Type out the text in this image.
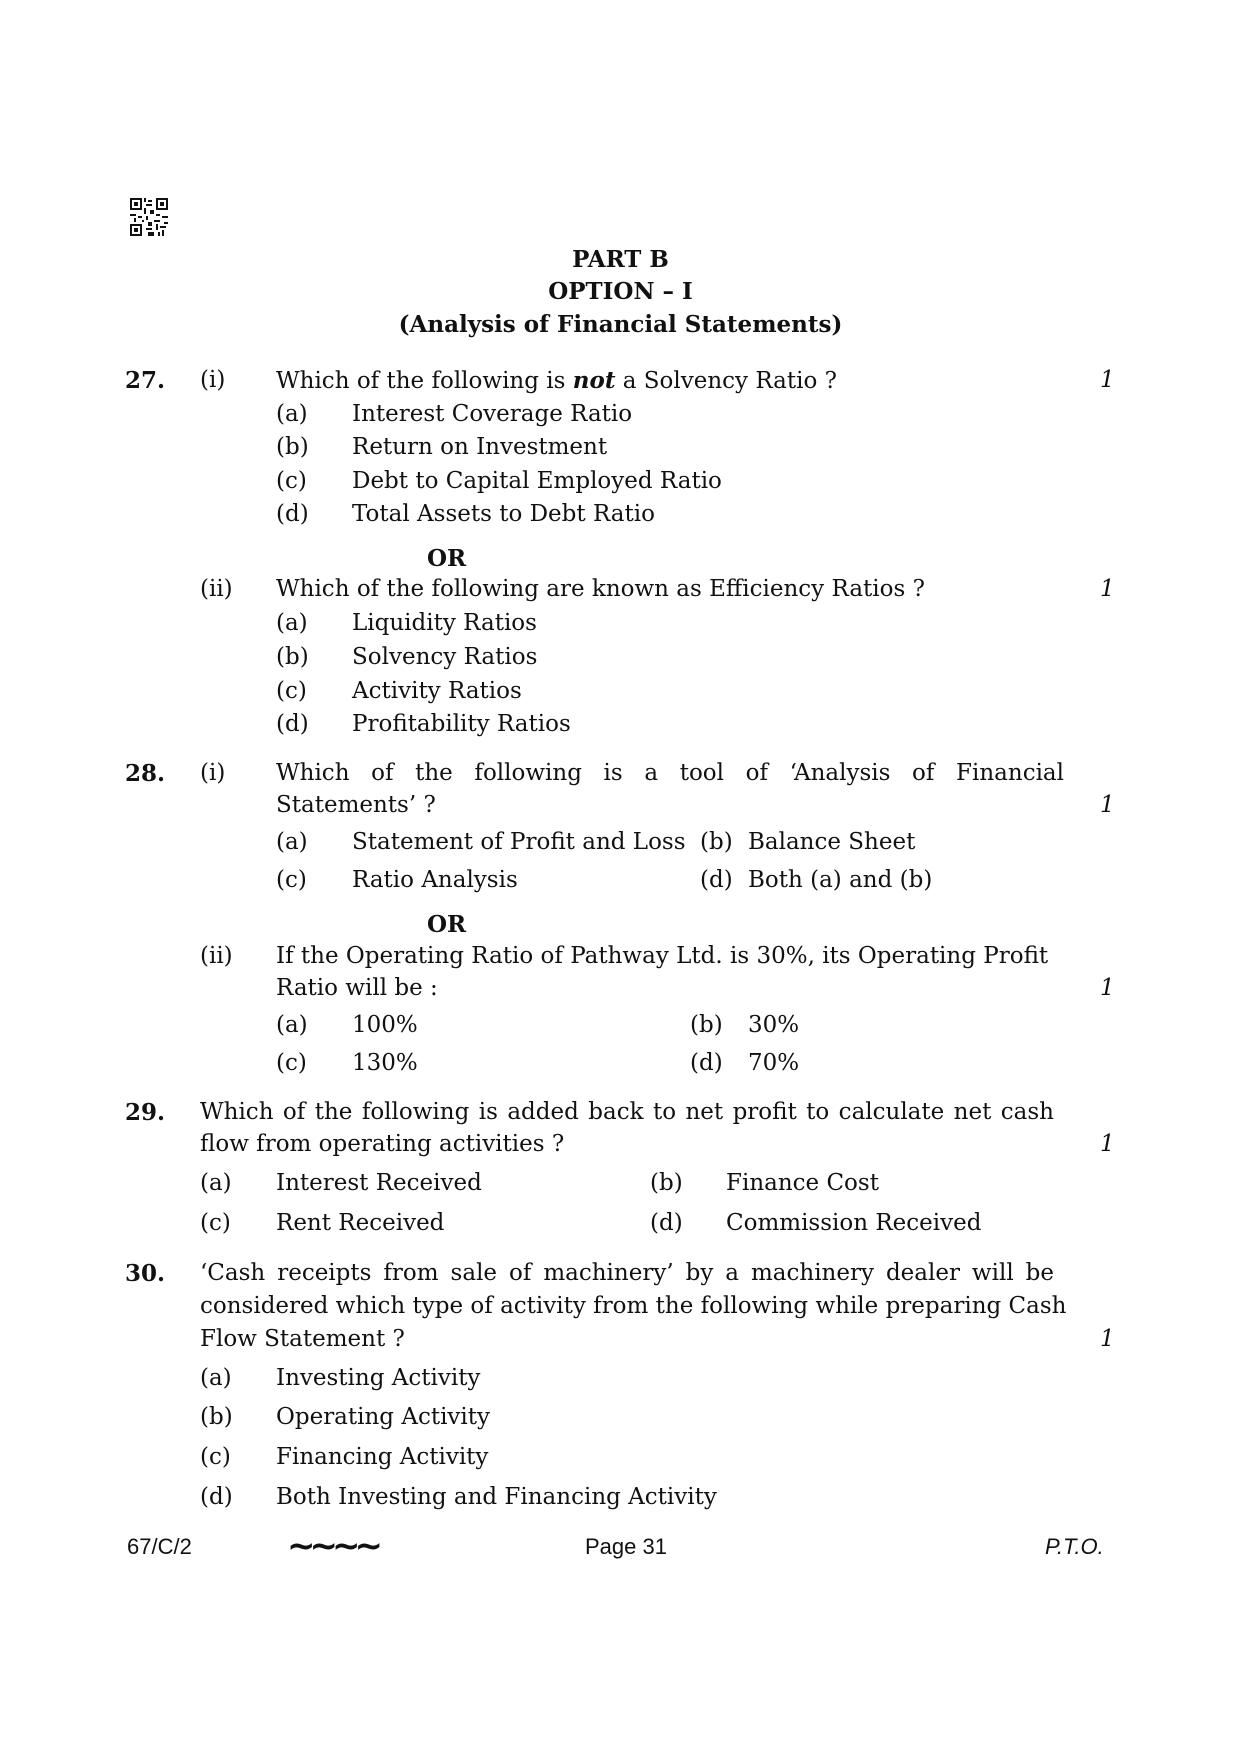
PART B
OPTION – I
(Analysis of Financial Statements)
27. (i) Which of the following is not a Solvency Ratio ?	1
(a) Interest Coverage Ratio
(b) Return on Investment
(c) Debt to Capital Employed Ratio
(d) Total Assets to Debt Ratio
OR
(ii) Which of the following are known as Efficiency Ratios ?	1
(a) Liquidity Ratios
(b) Solvency Ratios
(c) Activity Ratios
(d) Profitability Ratios
28. (i) Which of the following is a tool of ‘Analysis of Financial
Statements’ ?	1
(a) Statement of Profit and Loss (b) Balance Sheet
(c) Ratio Analysis	(d) Both (a) and (b)
OR
(ii) If the Operating Ratio of Pathway Ltd. is 30%, its Operating Profit
Ratio will be :	1
(a) 100%	(b) 30%
(c) 130%	(d) 70%
29. Which of the following is added back to net profit to calculate net cash
flow from operating activities ?	1
(a) Interest Received	(b) Finance Cost
(c) Rent Received	(d) Commission Received
30. ‘Cash receipts from sale of machinery’ by a machinery dealer will be
considered which type of activity from the following while preparing Cash
Flow Statement ?	1
(a) Investing Activity
(b) Operating Activity
(c) Financing Activity
(d) Both Investing and Financing Activity
67/C/2	~~~~	Page 31	P.T.O.
